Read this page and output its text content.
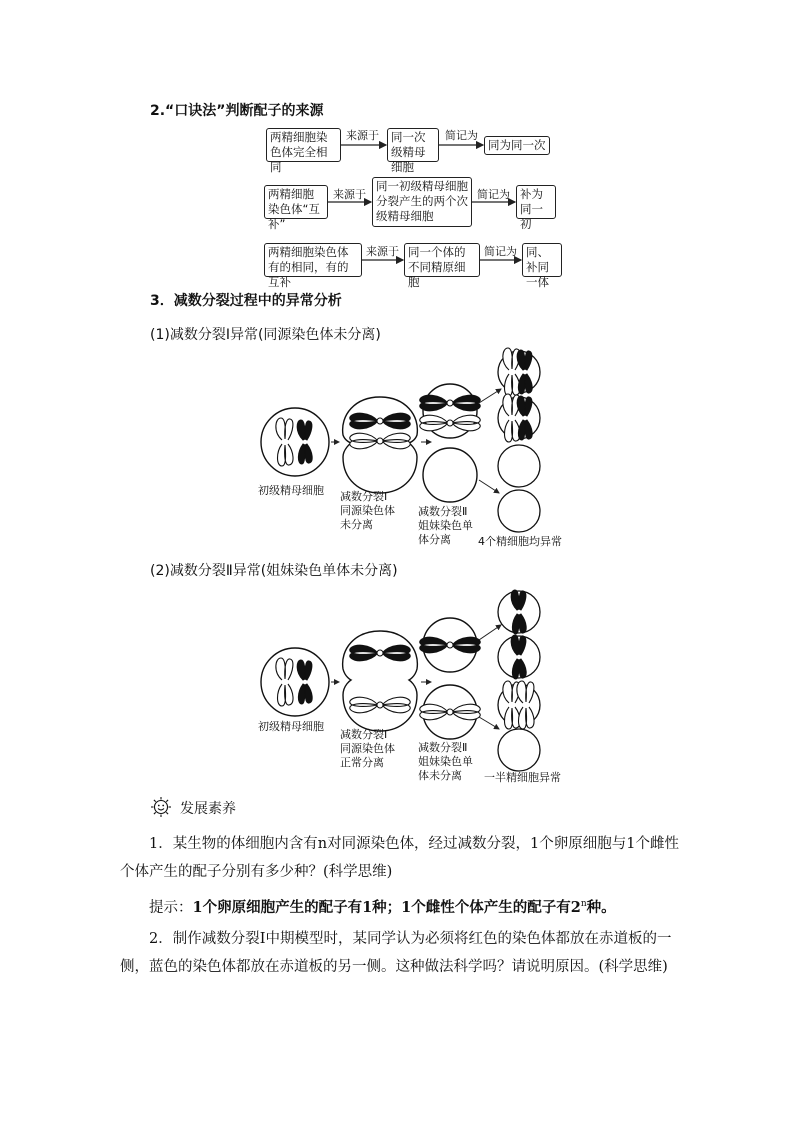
2.“口诀法”判断配子的来源
两精细胞染色体完全相同
来源于	同一次级精母细胞
简记为
同为同一次
两精细胞染色体“互补”
来源于
同一初级精母细胞分裂产生的两个次级精母细胞
简记为 补为同一初
两精细胞染色体有的相同，有的互补
来源于 同一个体的不同精原细胞
简记为 同、补同一体
3．减数分裂过程中的异常分析
(1)减数分裂Ⅰ异常(同源染色体未分离)
初级精母细胞 减数分裂Ⅰ
同源染色体
未分离
减数分裂Ⅱ
姐妹染色单
体分离 4个精细胞均异常
(2)减数分裂Ⅱ异常(姐妹染色单体未分离)
初级精母细胞
减数分裂Ⅰ
同源染色体
正常分离
减数分裂Ⅱ
姐妹染色单
体未分离 一半精细胞异常
发展素养
1．某生物的体细胞内含有n对同源染色体，经过减数分裂，1个卵原细胞与1个雌性个体产生的配子分别有多少种？(科学思维)
提示：1个卵原细胞产生的配子有1种；1个雌性个体产生的配子有2$^n$种。
2．制作减数分裂Ⅰ中期模型时，某同学认为必须将红色的染色体都放在赤道板的一侧，蓝色的染色体都放在赤道板的另一侧。这种做法科学吗？请说明原因。(科学思维)
